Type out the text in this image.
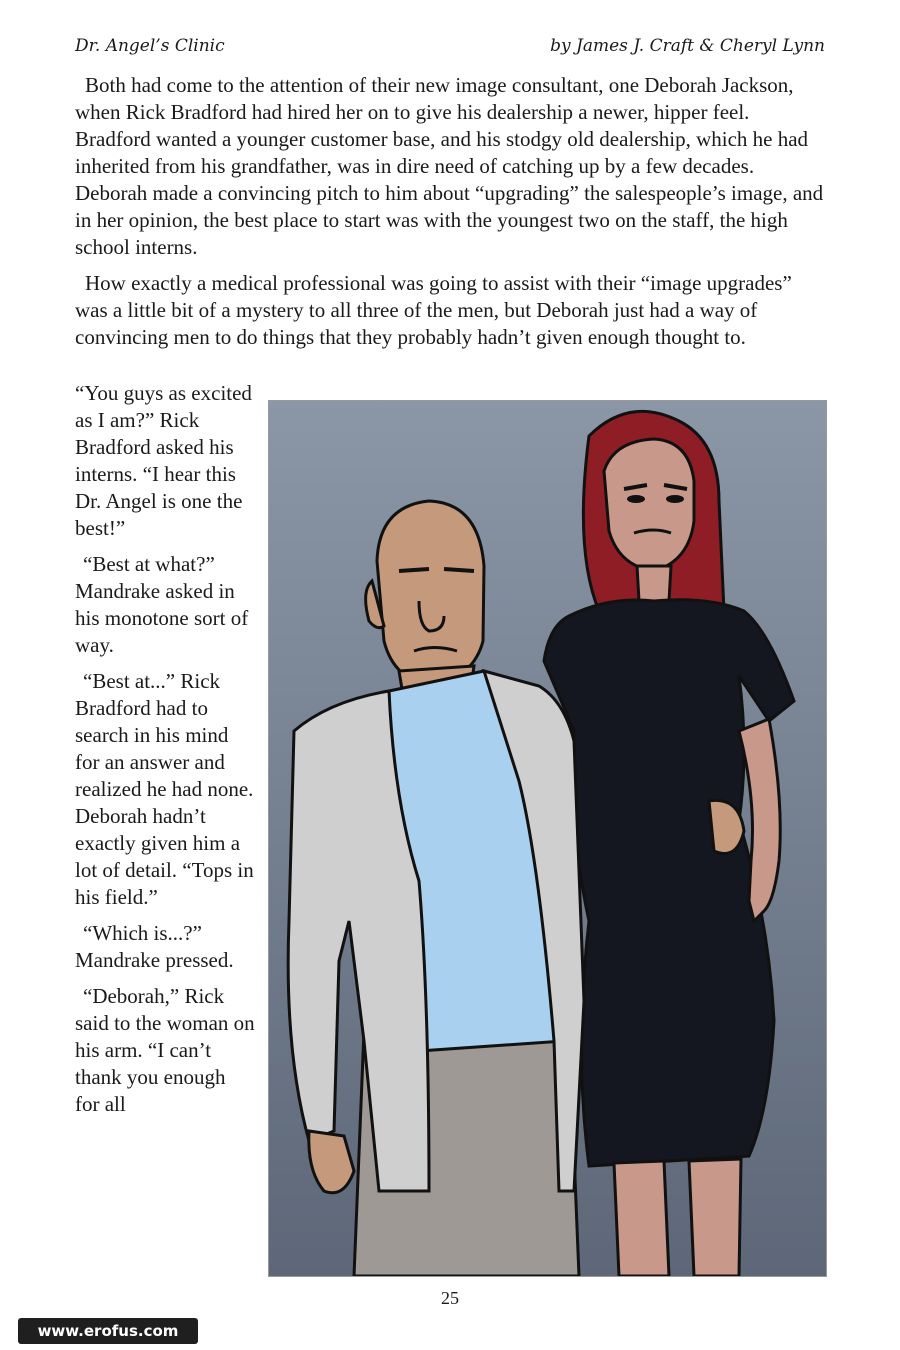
Dr. Angel’s Clinic	by James J. Craft & Cheryl Lynn

Both had come to the attention of their new image consultant, one Deborah Jackson, when Rick Bradford had hired her on to give his dealership a newer, hipper feel. Bradford wanted a younger customer base, and his stodgy old dealership, which he had inherited from his grandfather, was in dire need of catching up by a few decades. Deborah made a convincing pitch to him about “upgrading” the salespeople’s image, and in her opinion, the best place to start was with the youngest two on the staff, the high school interns.

How exactly a medical professional was going to assist with their “image upgrades” was a little bit of a mystery to all three of the men, but Deborah just had a way of convincing men to do things that they probably hadn’t given enough thought to.

“You guys as excited as I am?” Rick Bradford asked his interns. “I hear this Dr. Angel is one the best!”

“Best at what?” Mandrake asked in his monotone sort of way.

“Best at...” Rick Bradford had to search in his mind for an answer and realized he had none. Deborah hadn’t exactly given him a lot of detail. “Tops in his field.”

“Which is...?” Mandrake pressed.

“Deborah,” Rick said to the woman on his arm. “I can’t thank you enough for all

25
www.erofus.com
